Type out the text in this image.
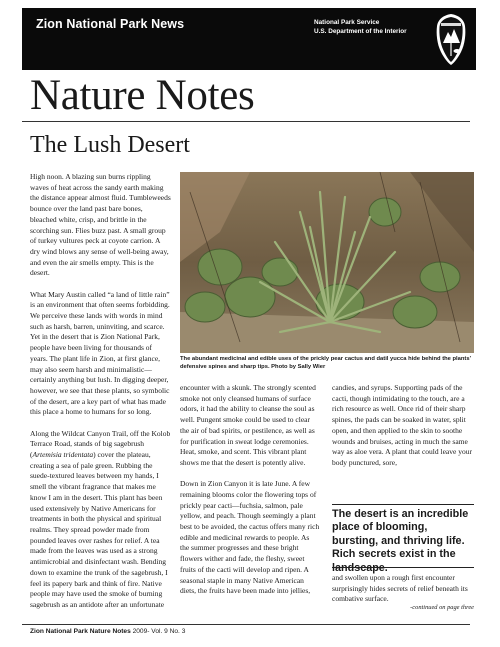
Zion National Park News	National Park Service
U.S. Department of the Interior
Nature Notes
The Lush Desert

High noon. A blazing sun burns rippling waves of heat across the sandy earth making the distance appear almost fluid. Tumbleweeds bounce over the land past bare bones, bleached white, crisp, and brittle in the scorching sun. Flies buzz past. A small group of turkey vultures peck at coyote carrion. A dry wind blows any sense of well-being away, and even the air smells empty. This is the desert.

What Mary Austin called “a land of little rain” is an environment that often seems forbidding. We perceive these lands with words in mind such as harsh, barren, uninviting, and scarce. Yet in the desert that is Zion National Park, people have been living for thousands of years. The plant life in Zion, at first glance, may also seem harsh and minimalistic—certainly anything but lush. In digging deeper, however, we see that these plants, so symbolic of the desert, are a key part of what has made this place a home to humans for so long.

Along the Wildcat Canyon Trail, off the Kolob Terrace Road, stands of big sagebrush (Artemisia tridentata) cover the plateau, creating a sea of pale green. Rubbing the suede-textured leaves between my hands, I smell the vibrant fragrance that makes me know I am in the desert. This plant has been used extensively by Native Americans for treatments in both the physical and spiritual realms. They spread powder made from pounded leaves over rashes for relief. A tea made from the leaves was used as a strong antimicrobial and disinfectant wash. Bending down to examine the trunk of the sagebrush, I feel its papery bark and think of fire. Native people may have used the smoke of burning sagebrush as an antidote after an unfortunate

The abundant medicinal and edible uses of the prickly pear cactus and datil yucca hide behind the plants' defensive spines and sharp tips. Photo by Sally Wier

encounter with a skunk. The strongly scented smoke not only cleansed humans of surface odors, it had the ability to cleanse the soul as well. Pungent smoke could be used to clear the air of bad spirits, or pestilence, as well as for purification in sweat lodge ceremonies. Heat, smoke, and scent. This vibrant plant shows me that the desert is potently alive.

Down in Zion Canyon it is late June. A few remaining blooms color the flowering tops of prickly pear cacti—fuchsia, salmon, pale yellow, and peach. Though seemingly a plant best to be avoided, the cactus offers many rich edible and medicinal rewards to people. As the summer progresses and these bright flowers wither and fade, the fleshy, sweet fruits of the cacti will develop and ripen. A seasonal staple in many Native American diets, the fruits have been made into jellies,

candies, and syrups. Supporting pads of the cacti, though intimidating to the touch, are a rich resource as well. Once rid of their sharp spines, the pads can be soaked in water, split open, and then applied to the skin to soothe wounds and bruises, acting in much the same way as aloe vera. A plant that could leave your body punctured, sore,

The desert is an incredible place of blooming, bursting, and thriving life. Rich secrets exist in the

and swollen upon a rough first encounter surprisingly hides secrets of relief beneath its combative surface.

-continued on page three
Zion National Park Nature Notes 2009- Vol. 9 No. 3
